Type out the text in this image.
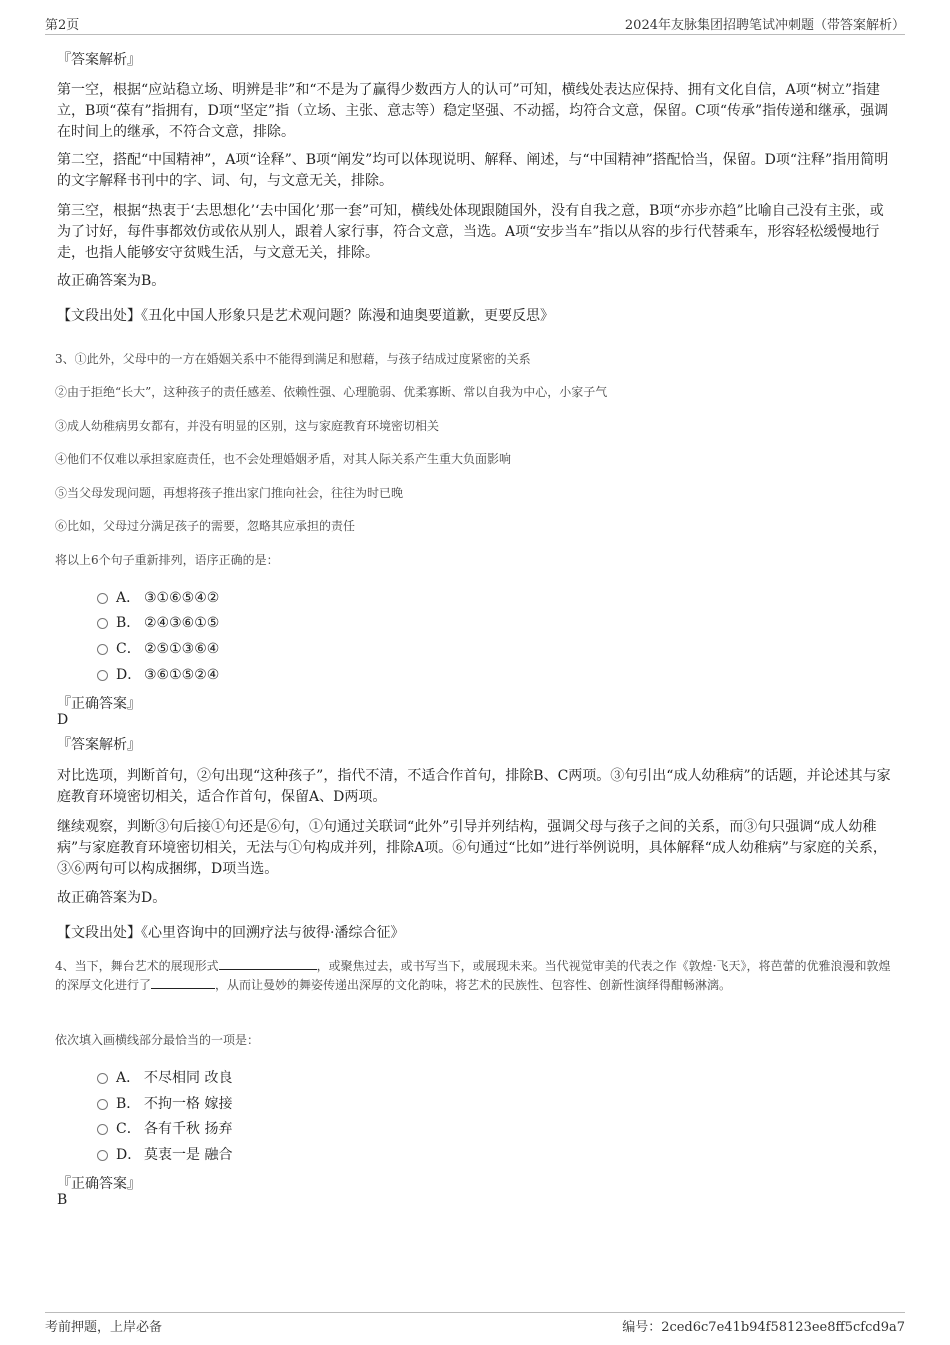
第2页	2024年友脉集团招聘笔试冲刺题（带答案解析）
『答案解析』
第一空，根据“应站稳立场、明辨是非”和“不是为了赢得少数西方人的认可”可知，横线处表达应保持、拥有文化自信，A项“树立”指建立，B项“葆有”指拥有，D项“坚定”指（立场、主张、意志等）稳定坚强、不动摇，均符合文意，保留。C项“传承”指传递和继承，强调在时间上的继承，不符合文意，排除。
第二空，搭配“中国精神”，A项“诠释”、B项“阐发”均可以体现说明、解释、阐述，与“中国精神”搭配恰当，保留。D项“注释”指用简明的文字解释书刊中的字、词、句，与文意无关，排除。
第三空，根据“热衷于‘去思想化’‘去中国化’那一套”可知，横线处体现跟随国外，没有自我之意，B项“亦步亦趋”比喻自己没有主张，或为了讨好，每件事都效仿或依从别人，跟着人家行事，符合文意，当选。A项“安步当车”指以从容的步行代替乘车，形容轻松缓慢地行走，也指人能够安守贫贱生活，与文意无关，排除。
故正确答案为B。
【文段出处】《丑化中国人形象只是艺术观问题？陈漫和迪奥要道歉，更要反思》
3、①此外，父母中的一方在婚姻关系中不能得到满足和慰藉，与孩子结成过度紧密的关系
②由于拒绝“长大”，这种孩子的责任感差、依赖性强、心理脆弱、优柔寡断、常以自我为中心，小家子气
③成人幼稚病男女都有，并没有明显的区别，这与家庭教育环境密切相关
④他们不仅难以承担家庭责任，也不会处理婚姻矛盾，对其人际关系产生重大负面影响
⑤当父母发现问题，再想将孩子推出家门推向社会，往往为时已晚
⑥比如，父母过分满足孩子的需要，忽略其应承担的责任
将以上6个句子重新排列，语序正确的是：
A． ③①⑥⑤④②
B． ②④③⑥①⑤
C． ②⑤①③⑥④
D． ③⑥①⑤②④
『正确答案』
D
『答案解析』
对比选项，判断首句，②句出现“这种孩子”，指代不清，不适合作首句，排除B、C两项。③句引出“成人幼稚病”的话题，并论述其与家庭教育环境密切相关，适合作首句，保留A、D两项。
继续观察，判断③句后接①句还是⑥句，①句通过关联词“此外”引导并列结构，强调父母与孩子之间的关系，而③句只强调“成人幼稚病”与家庭教育环境密切相关，无法与①句构成并列，排除A项。⑥句通过“比如”进行举例说明，具体解释“成人幼稚病”与家庭的关系，③⑥两句可以构成捆绑，D项当选。
故正确答案为D。
【文段出处】《心里咨询中的回溯疗法与彼得·潘综合征》
4、当下，舞台艺术的展现形式	，或聚焦过去，或书写当下，或展现未来。当代视觉审美的代表之作《敦煌·飞天》，将芭蕾的优雅浪漫和敦煌的深厚文化进行了	，从而让曼妙的舞姿传递出深厚的文化韵味，将艺术的民族性、包容性、创新性演绎得酣畅淋漓。
依次填入画横线部分最恰当的一项是：
A． 不尽相同 改良
B． 不拘一格 嫁接
C． 各有千秋 扬弃
D． 莫衷一是 融合
『正确答案』
B
考前押题，上岸必备	编号：2ced6c7e41b94f58123ee8ff5cfcd9a7
